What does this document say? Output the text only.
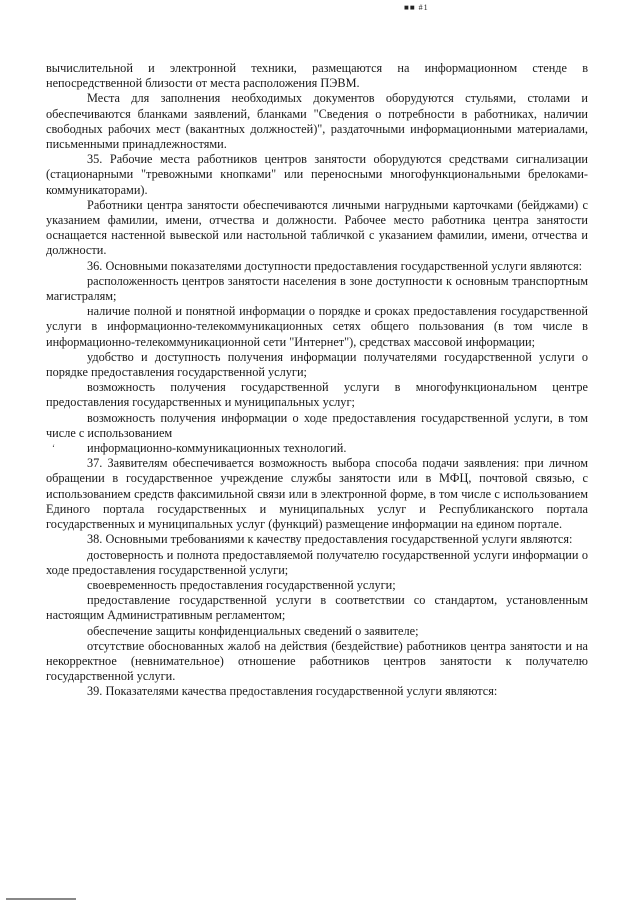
■■ #1
ʻ

вычислительной и электронной техники, размещаются на информационном стенде в непосредственной близости от места расположения ПЭВМ.

Места для заполнения необходимых документов оборудуются стульями, столами и обеспечиваются бланками заявлений, бланками "Сведения о потребности в работниках, наличии свободных рабочих мест (вакантных должностей)", раздаточными информационными материалами, письменными принадлежностями.

35. Рабочие места работников центров занятости оборудуются средствами сигнализации (стационарными "тревожными кнопками" или переносными многофункциональными брелоками-коммуникаторами).

Работники центра занятости обеспечиваются личными нагрудными карточками (бейджами) с указанием фамилии, имени, отчества и должности. Рабочее место работника центра занятости оснащается настенной вывеской или настольной табличкой с указанием фамилии, имени, отчества и должности.

36. Основными показателями доступности предоставления государственной услуги являются:

расположенность центров занятости населения в зоне доступности к основным транспортным магистралям;

наличие полной и понятной информации о порядке и сроках предоставления государственной услуги в информационно-телекоммуникационных сетях общего пользования (в том числе в информационно-телекоммуникационной сети "Интернет"), средствах массовой информации;

удобство и доступность получения информации получателями государственной услуги о порядке предоставления государственной услуги;

возможность получения государственной услуги в многофункциональном центре предоставления государственных и муниципальных услуг;

возможность получения информации о ходе предоставления государственной услуги, в том числе с использованием

информационно-коммуникационных технологий.

37. Заявителям обеспечивается возможность выбора способа подачи заявления: при личном обращении в государственное учреждение службы занятости или в МФЦ, почтовой связью, с использованием средств факсимильной связи или в электронной форме, в том числе с использованием Единого портала государственных и муниципальных услуг и Республиканского портала государственных и муниципальных услуг (функций) размещение информации на едином портале.

38. Основными требованиями к качеству предоставления государственной услуги являются:

достоверность и полнота предоставляемой получателю государственной услуги информации о ходе предоставления государственной услуги;

своевременность предоставления государственной услуги;

предоставление государственной услуги в соответствии со стандартом, установленным настоящим Административным регламентом;

обеспечение защиты конфиденциальных сведений о заявителе;

отсутствие обоснованных жалоб на действия (бездействие) работников центра занятости и на некорректное (невнимательное) отношение работников центров занятости к получателю государственной услуги.

39. Показателями качества предоставления государственной услуги являются:
